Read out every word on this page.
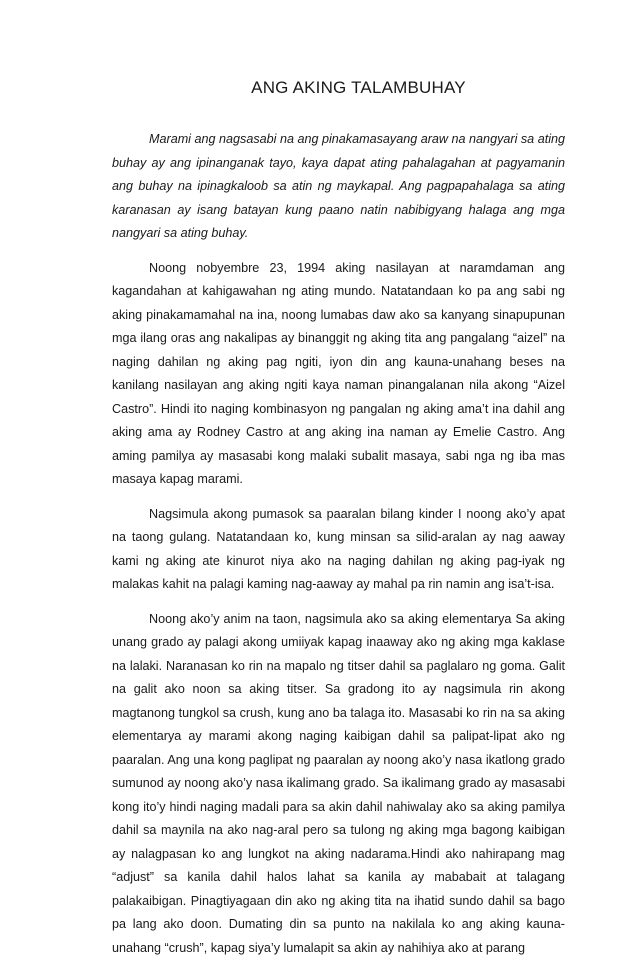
ANG AKING TALAMBUHAY

Marami ang nagsasabi na ang pinakamasayang araw na nangyari sa ating buhay ay ang ipinanganak tayo, kaya dapat ating pahalagahan at pagyamanin ang buhay na ipinagkaloob sa atin ng maykapal. Ang pagpapahalaga sa ating karanasan ay isang batayan kung paano natin nabibigyang halaga ang mga nangyari sa ating buhay.

Noong nobyembre 23, 1994 aking nasilayan at naramdaman ang kagandahan at kahigawahan ng ating mundo. Natatandaan ko pa ang sabi ng aking pinakamamahal na ina, noong lumabas daw ako sa kanyang sinapupunan mga ilang oras ang nakalipas ay binanggit ng aking tita ang pangalang “aizel” na naging dahilan ng aking pag ngiti, iyon din ang kauna-unahang beses na kanilang nasilayan ang aking ngiti kaya naman pinangalanan nila akong “Aizel Castro”. Hindi ito naging kombinasyon ng pangalan ng aking ama’t ina dahil ang aking ama ay Rodney Castro at ang aking ina naman ay Emelie Castro. Ang aming pamilya ay masasabi kong malaki subalit masaya, sabi nga ng iba mas masaya kapag marami.

Nagsimula akong pumasok sa paaralan bilang kinder I noong ako’y apat na taong gulang. Natatandaan ko, kung minsan sa silid-aralan ay nag aaway kami ng aking ate kinurot niya ako na naging dahilan ng aking pag-iyak ng malakas kahit na palagi kaming nag-aaway ay mahal pa rin namin ang isa’t-isa.

Noong ako’y anim na taon, nagsimula ako sa aking elementarya Sa aking unang grado ay palagi akong umiiyak kapag inaaway ako ng aking mga kaklase na lalaki. Naranasan ko rin na mapalo ng titser dahil sa paglalaro ng goma. Galit na galit ako noon sa aking titser. Sa gradong ito ay nagsimula rin akong magtanong tungkol sa crush, kung ano ba talaga ito. Masasabi ko rin na sa aking elementarya ay marami akong naging kaibigan dahil sa palipat-lipat ako ng paaralan. Ang una kong paglipat ng paaralan ay noong ako’y nasa ikatlong grado sumunod ay noong ako’y nasa ikalimang grado. Sa ikalimang grado ay masasabi kong ito’y hindi naging madali para sa akin dahil nahiwalay ako sa aking pamilya dahil sa maynila na ako nag-aral pero sa tulong ng aking mga bagong kaibigan ay nalagpasan ko ang lungkot na aking nadarama.Hindi ako nahirapang mag “adjust” sa kanila dahil halos lahat sa kanila ay mababait at talagang palakaibigan. Pinagtiyagaan din ako ng aking tita na ihatid sundo dahil sa bago pa lang ako doon. Dumating din sa punto na nakilala ko ang aking kauna-unahang “crush”, kapag siya’y lumalapit sa akin ay nahihiya ako at parang
